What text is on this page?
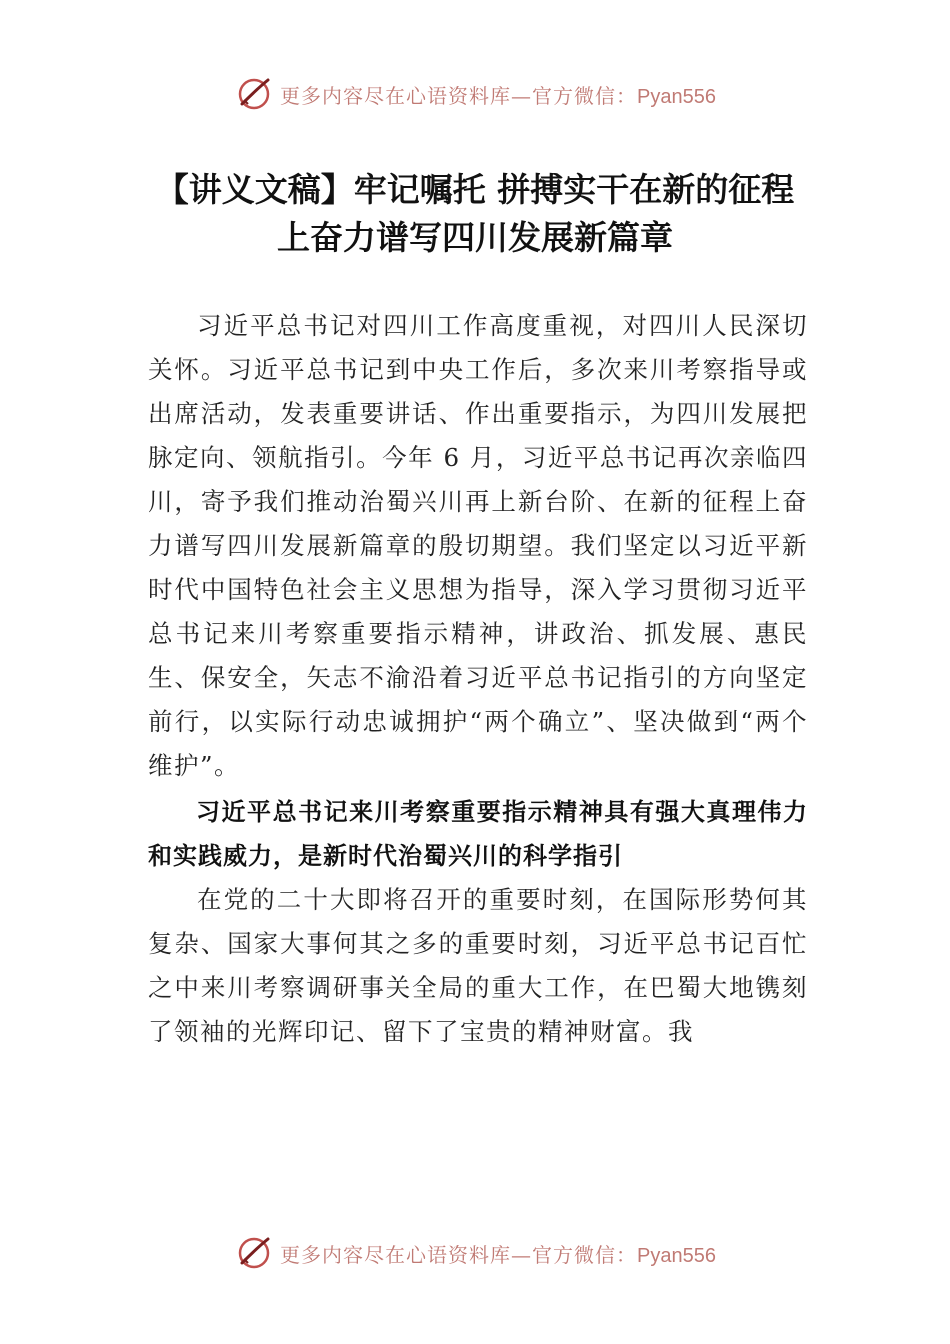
更多内容尽在心语资料库—官方微信：Pyan556
【讲义文稿】牢记嘱托 拼搏实干在新的征程上奋力谱写四川发展新篇章

习近平总书记对四川工作高度重视，对四川人民深切关怀。习近平总书记到中央工作后，多次来川考察指导或出席活动，发表重要讲话、作出重要指示，为四川发展把脉定向、领航指引。今年 6 月，习近平总书记再次亲临四川，寄予我们推动治蜀兴川再上新台阶、在新的征程上奋力谱写四川发展新篇章的殷切期望。我们坚定以习近平新时代中国特色社会主义思想为指导，深入学习贯彻习近平总书记来川考察重要指示精神，讲政治、抓发展、惠民生、保安全，矢志不渝沿着习近平总书记指引的方向坚定前行，以实际行动忠诚拥护“两个确立”、坚决做到“两个维护”。

习近平总书记来川考察重要指示精神具有强大真理伟力和实践威力，是新时代治蜀兴川的科学指引

在党的二十大即将召开的重要时刻，在国际形势何其复杂、国家大事何其之多的重要时刻，习近平总书记百忙之中来川考察调研事关全局的重大工作，在巴蜀大地镌刻了领袖的光辉印记、留下了宝贵的精神财富。我

更多内容尽在心语资料库—官方微信：Pyan556
